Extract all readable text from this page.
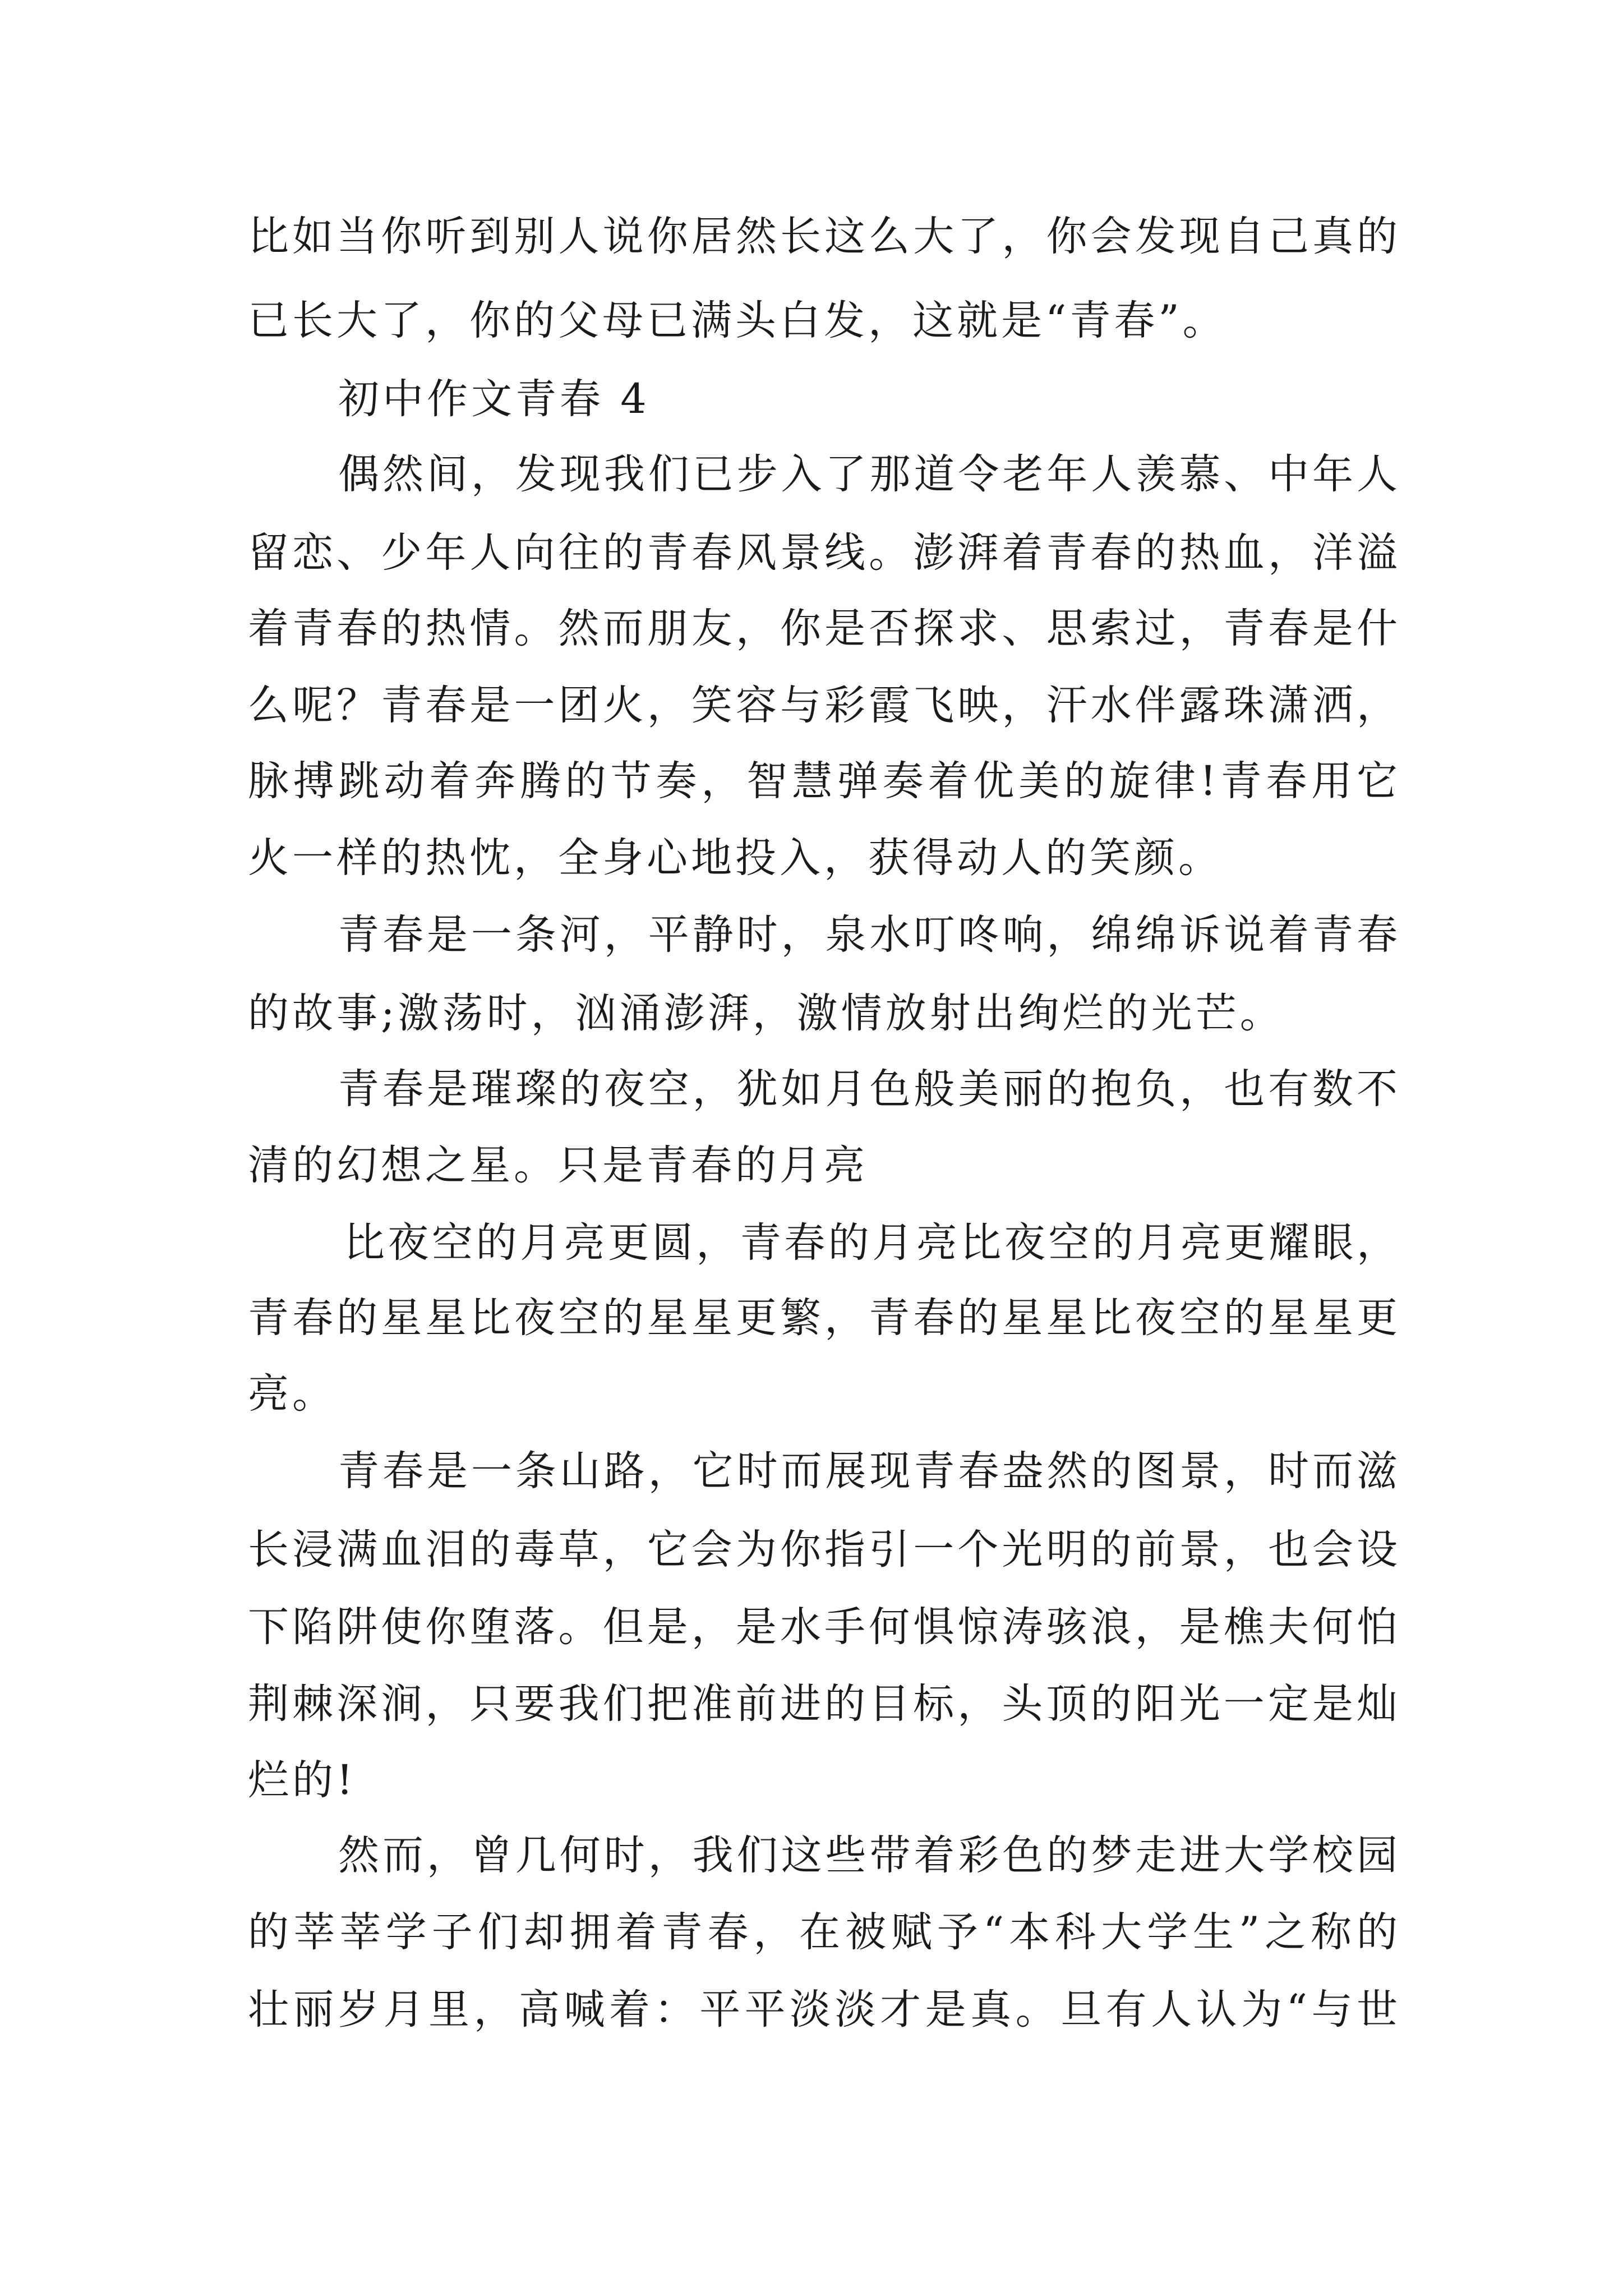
比如当你听到别人说你居然长这么大了，你会发现自己真的

已长大了，你的父母已满头白发，这就是“青春”。

初中作文青春 4

偶然间，发现我们已步入了那道令老年人羡慕、中年人

留恋、少年人向往的青春风景线。澎湃着青春的热血，洋溢

着青春的热情。然而朋友，你是否探求、思索过，青春是什

么呢？青春是一团火，笑容与彩霞飞映，汗水伴露珠潇洒，

脉搏跳动着奔腾的节奏，智慧弹奏着优美的旋律!青春用它

火一样的热忱，全身心地投入，获得动人的笑颜。

青春是一条河，平静时，泉水叮咚响，绵绵诉说着青春

的故事;激荡时，汹涌澎湃，激情放射出绚烂的光芒。

青春是璀璨的夜空，犹如月色般美丽的抱负，也有数不

清的幻想之星。只是青春的月亮

比夜空的月亮更圆，青春的月亮比夜空的月亮更耀眼，

青春的星星比夜空的星星更繁，青春的星星比夜空的星星更

亮。

青春是一条山路，它时而展现青春盎然的图景，时而滋

长浸满血泪的毒草，它会为你指引一个光明的前景，也会设

下陷阱使你堕落。但是，是水手何惧惊涛骇浪，是樵夫何怕

荆棘深涧，只要我们把准前进的目标，头顶的阳光一定是灿

烂的!

然而，曾几何时，我们这些带着彩色的梦走进大学校园

的莘莘学子们却拥着青春，在被赋予“本科大学生”之称的

壮丽岁月里，高喊着：平平淡淡才是真。旦有人认为“与世
